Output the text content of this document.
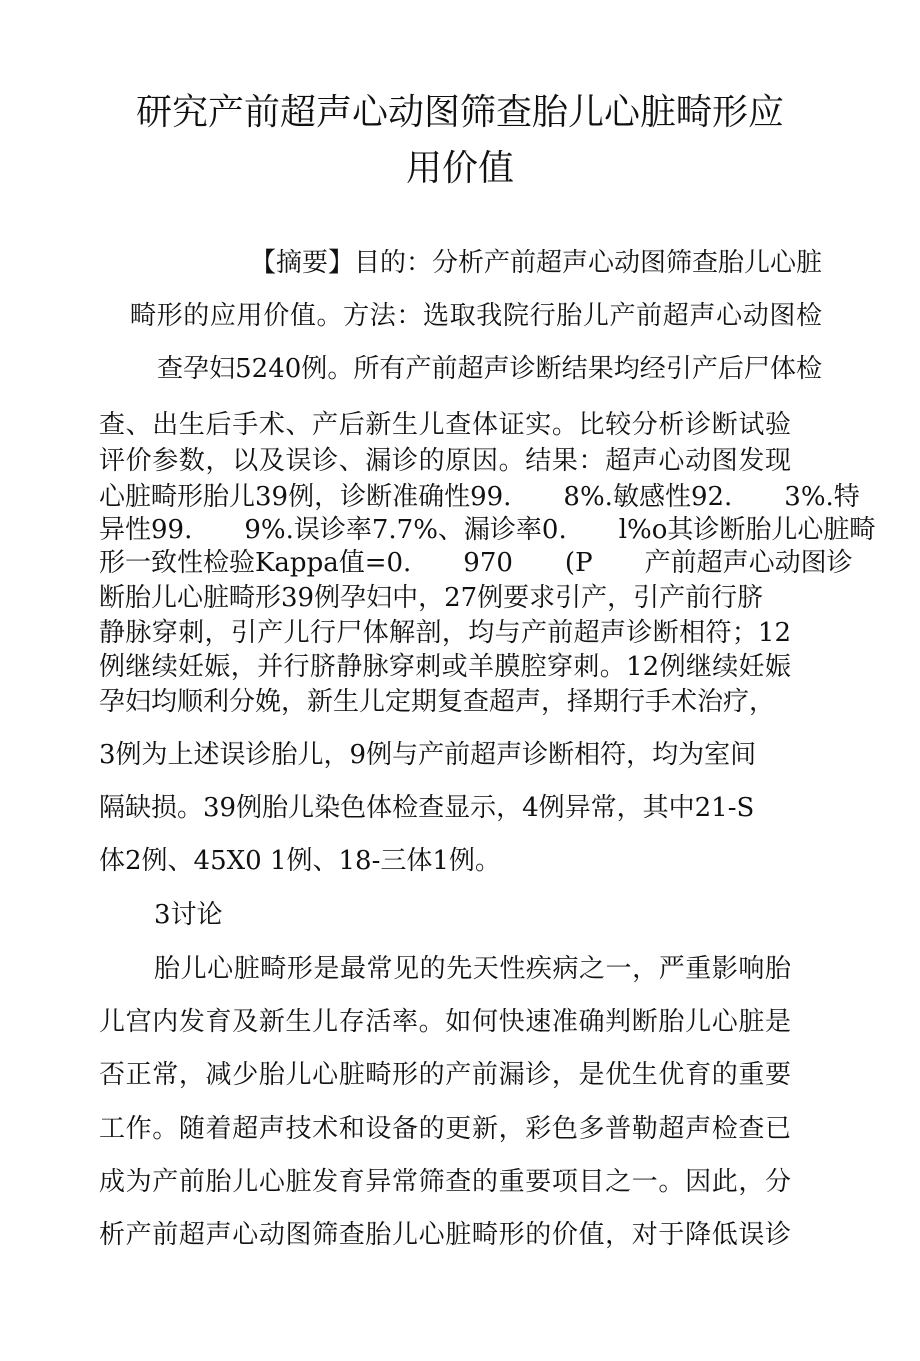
研究产前超声心动图筛查胎儿心脏畸形应
用价值

【摘要】目的：分析产前超声心动图筛查胎儿心脏

畸形的应用价值。方法：选取我院行胎儿产前超声心动图检

查孕妇5240例。所有产前超声诊断结果均经引产后尸体检

查、出生后手术、产后新生儿查体证实。比较分析诊断试验

评价参数，以及误诊、漏诊的原因。结果：超声心动图发现

心脏畸形胎儿39例，诊断准确性99.　　8%.敏感性92.　　3%.特

异性99.　　9%.误诊率7.7%、漏诊率0.　　l%o其诊断胎儿心脏畸

形一致性检验Kappa值=0.　　970　　(P　　产前超声心动图诊

断胎儿心脏畸形39例孕妇中，27例要求引产，引产前行脐

静脉穿刺，引产儿行尸体解剖，均与产前超声诊断相符；12

例继续妊娠，并行脐静脉穿刺或羊膜腔穿刺。12例继续妊娠

孕妇均顺利分娩，新生儿定期复查超声，择期行手术治疗，

3例为上述误诊胎儿，9例与产前超声诊断相符，均为室间

隔缺损。39例胎儿染色体检查显示，4例异常，其中21-S

体2例、45X0 1例、18-三体1例。

3讨论

胎儿心脏畸形是最常见的先天性疾病之一，严重影响胎

儿宫内发育及新生儿存活率。如何快速准确判断胎儿心脏是

否正常，减少胎儿心脏畸形的产前漏诊，是优生优育的重要

工作。随着超声技术和设备的更新，彩色多普勒超声检查已

成为产前胎儿心脏发育异常筛查的重要项目之一。因此，分

析产前超声心动图筛查胎儿心脏畸形的价值，对于降低误诊
